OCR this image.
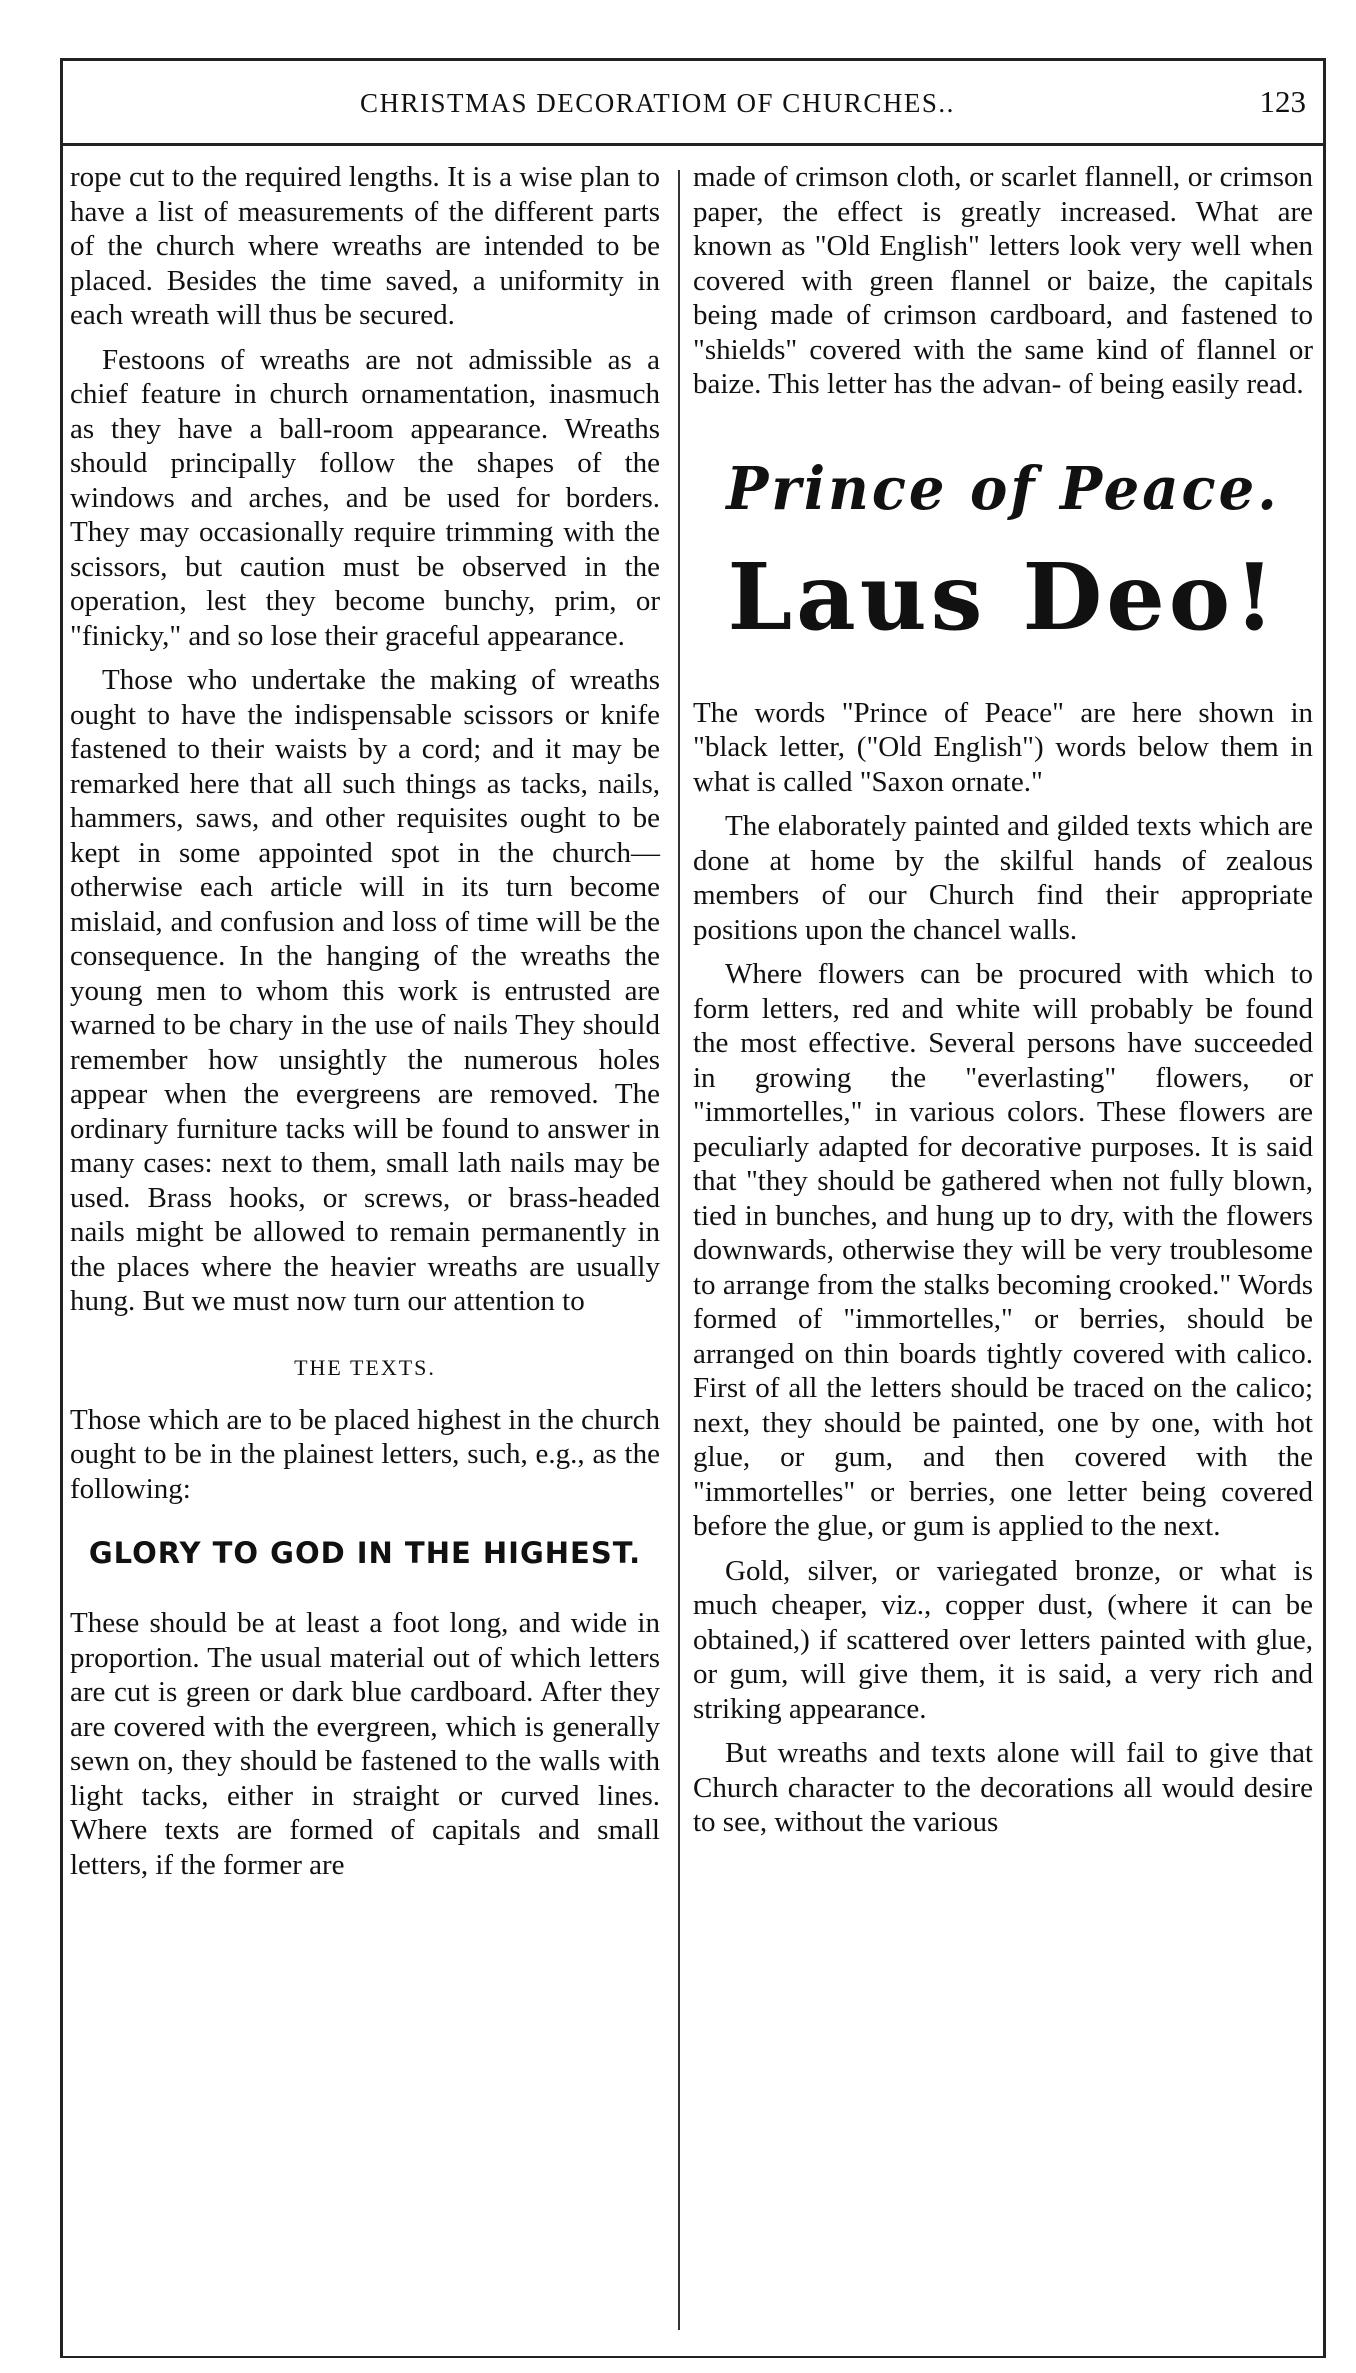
CHRISTMAS DECORATIOM OF CHURCHES..	123

rope cut to the required lengths. It is a wise plan to have a list of measurements of the different parts of the church where wreaths are intended to be placed. Besides the time saved, a uniformity in each wreath will thus be secured.

Festoons of wreaths are not admissible as a chief feature in church ornamentation, inasmuch as they have a ball-room appearance. Wreaths should principally follow the shapes of the windows and arches, and be used for borders. They may occasionally require trimming with the scissors, but caution must be observed in the operation, lest they become bunchy, prim, or "finicky," and so lose their graceful appearance.

Those who undertake the making of wreaths ought to have the indispensable scissors or knife fastened to their waists by a cord; and it may be remarked here that all such things as tacks, nails, hammers, saws, and other requisites ought to be kept in some appointed spot in the church—otherwise each article will in its turn become mislaid, and confusion and loss of time will be the consequence. In the hanging of the wreaths the young men to whom this work is entrusted are warned to be chary in the use of nails They should remember how unsightly the numerous holes appear when the evergreens are removed. The ordinary furniture tacks will be found to answer in many cases: next to them, small lath nails may be used. Brass hooks, or screws, or brass-headed nails might be allowed to remain permanently in the places where the heavier wreaths are usually hung. But we must now turn our attention to

THE TEXTS.

Those which are to be placed highest in the church ought to be in the plainest letters, such, e.g., as the following:

GLORY TO GOD IN THE HIGHEST.

These should be at least a foot long, and wide in proportion. The usual material out of which letters are cut is green or dark blue cardboard. After they are covered with the evergreen, which is generally sewn on, they should be fastened to the walls with light tacks, either in straight or curved lines. Where texts are formed of capitals and small letters, if the former are

made of crimson cloth, or scarlet flannell, or crimson paper, the effect is greatly increased. What are known as "Old English" letters look very well when covered with green flannel or baize, the capitals being made of crimson cardboard, and fastened to "shields" covered with the same kind of flannel or baize. This letter has the advan- of being easily read.

Prince of Peace.
Laus Deo!

The words "Prince of Peace" are here shown in "black letter, ("Old English") words below them in what is called "Saxon ornate."

The elaborately painted and gilded texts which are done at home by the skilful hands of zealous members of our Church find their appropriate positions upon the chancel walls.

Where flowers can be procured with which to form letters, red and white will probably be found the most effective. Several persons have succeeded in growing the "everlasting" flowers, or "immortelles," in various colors. These flowers are peculiarly adapted for decorative purposes. It is said that "they should be gathered when not fully blown, tied in bunches, and hung up to dry, with the flowers downwards, otherwise they will be very troublesome to arrange from the stalks becoming crooked." Words formed of "immortelles," or berries, should be arranged on thin boards tightly covered with calico. First of all the letters should be traced on the calico; next, they should be painted, one by one, with hot glue, or gum, and then covered with the "immortelles" or berries, one letter being covered before the glue, or gum is applied to the next.

Gold, silver, or variegated bronze, or what is much cheaper, viz., copper dust, (where it can be obtained,) if scattered over letters painted with glue, or gum, will give them, it is said, a very rich and striking appearance.

But wreaths and texts alone will fail to give that Church character to the decorations all would desire to see, without the various
